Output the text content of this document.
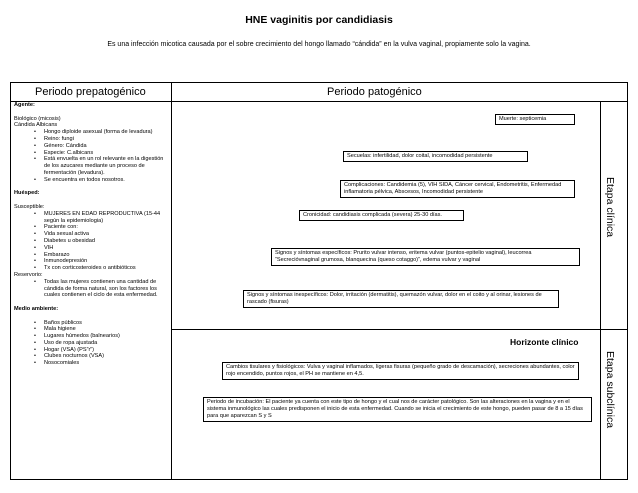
HNE vaginitis por candidiasis
Es una infección micotica causada por el sobre crecimiento del hongo llamado “cándida” en la vulva vaginal, propiamente solo la vagina.
Periodo prepatogénico	Periodo patogénico
Etapa clínica
Etapa subclínica
Horizonte clínico

Agente:

Biológico (micosis)

Cándida Albicans

• Hongo diploide asexual (forma de levadura)
• Reino: fungi
• Género: Cándida
• Especie: C.albicans
• Está envuelta en un rol relevante en la digestión de los azucares mediante un proceso de fermentación (levadura).
• Se encuentra en todos nosotros.

Huésped:

Susceptible:

• MUJERES EN EDAD REPRODUCTIVA (15-44 según la epidemiologia)
• Paciente con:
• Vida sexual activa
• Diabetes u obesidad
• VIH
• Embarazo
• Inmunodepresión
• Tx con corticosteroides o antibióticos

Reservorio:

• Todas las mujeres contienen una cantidad de cándida de forma natural, son los factores los cuales contienen el ciclo de esta enfermedad.

Medio ambiente:

• Baños públicos
• Mala higiene
• Lugares húmedos (balnearios)
• Uso de ropa ajustada
• Hogar (VSA) (PS”r”)
• Clubes nocturnos (VSA)
• Nosocomiales
Muerte: septicemia
Secuelas: infertilidad, dolor coital, incomodidad persistente
Complicaciones: Candidemia (5), VIH SIDA, Cáncer cervical, Endometritis, Enfermedad inflamatoria pélvica, Abscesos, Incomodidad persistente
Cronicidad: candidiasis complicada (severa) 25-30 días.
Signos y síntomas específicos: Prurito vulvar intenso, eritema vulvar (puntos-epitelio vaginal), leucorrea “Secrecióvnaginal grumosa, blanquecina (queso cotaggo)”, edema vulvar y vaginal
Signos y síntomas inespecíficos: Dolor, irritación (dermatitis), quemazón vulvar, dolor en el coito y al orinar, lesiones de rascado (fisuras)
Cambios tisulares y fisiológicos: Vulva y vaginal inflamados, ligeras fisuras (pequeño grado de descamación), secreciones abundantes, color rojo encendido, puntos rojos, el PH se mantiene en 4,5.
Periodo de incubación: El paciente ya cuenta con este tipo de hongo y el cual nos de carácter patológico. Son las alteraciones en la vagina y en el sistema inmunológico las cuales predisponen el inicio de esta enfermedad. Cuando se inicia el crecimiento de este hongo, pueden pasar de 8 a 15 días para que aparezcan S y S
